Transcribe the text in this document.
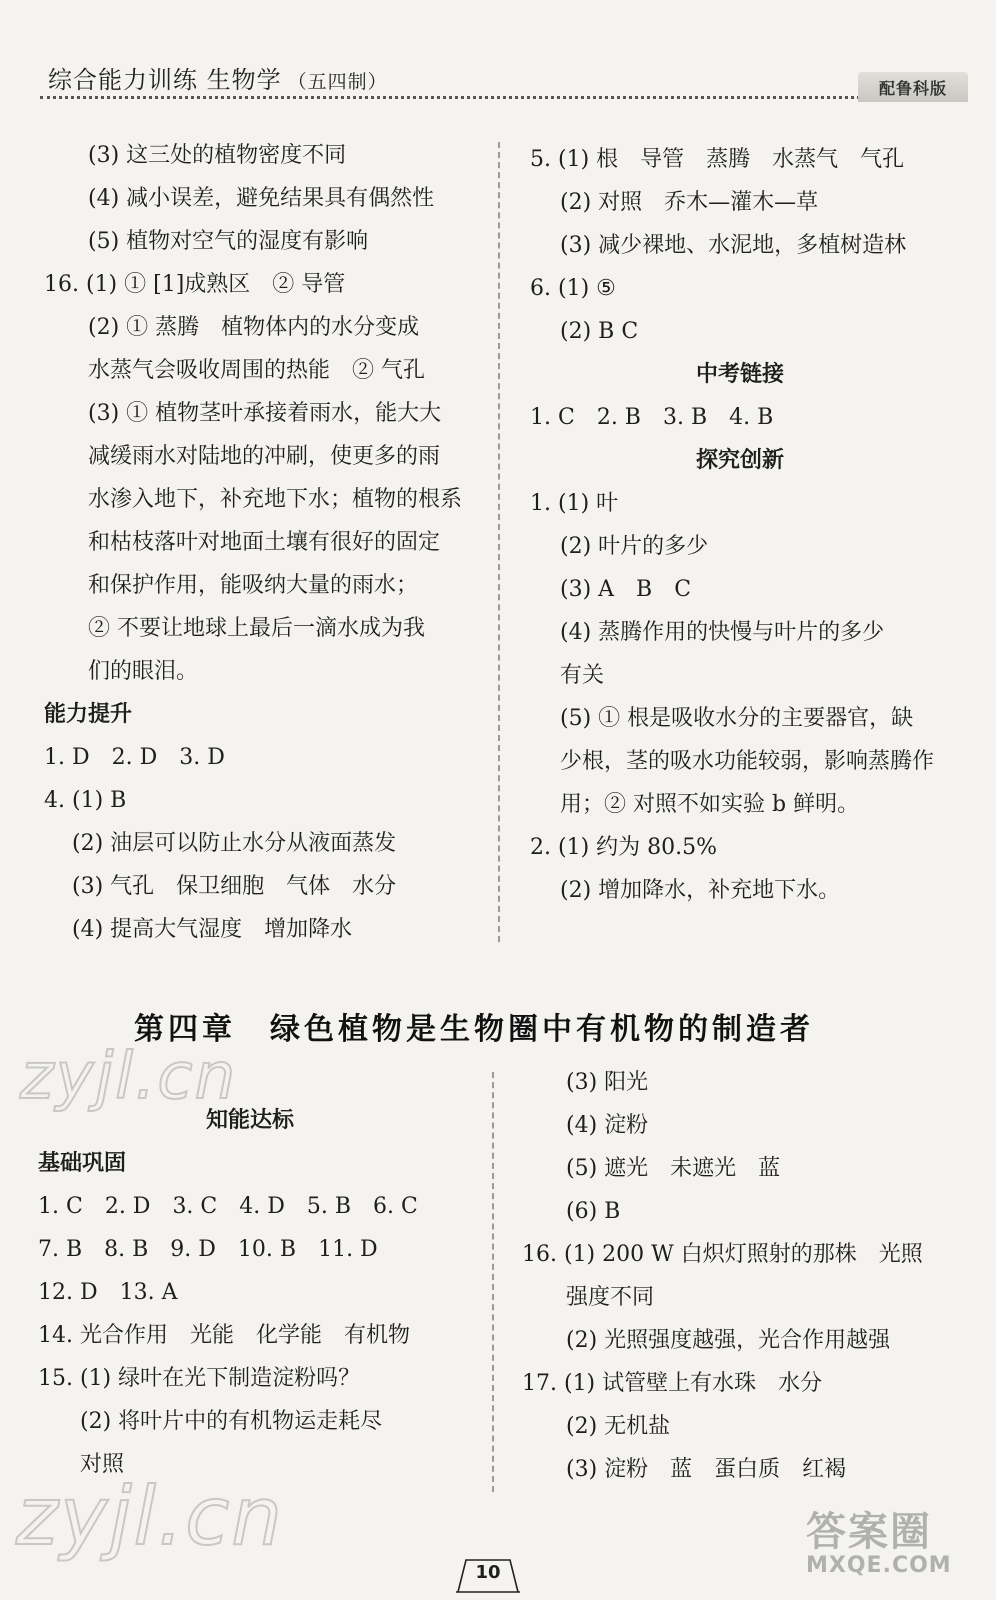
综合能力训练 生物学 （五四制）	配鲁科版
(3) 这三处的植物密度不同
(4) 减小误差，避免结果具有偶然性
(5) 植物对空气的湿度有影响
16. (1) ① [1]成熟区　② 导管
(2) ① 蒸腾　植物体内的水分变成
水蒸气会吸收周围的热能　② 气孔
(3) ① 植物茎叶承接着雨水，能大大
减缓雨水对陆地的冲刷，使更多的雨
水渗入地下，补充地下水；植物的根系
和枯枝落叶对地面土壤有很好的固定
和保护作用，能吸纳大量的雨水；
② 不要让地球上最后一滴水成为我
们的眼泪。
能力提升
1. D　2. D　3. D
4. (1) B
(2) 油层可以防止水分从液面蒸发
(3) 气孔　保卫细胞　气体　水分
(4) 提高大气湿度　增加降水
5. (1) 根　导管　蒸腾　水蒸气　气孔
(2) 对照　乔木—灌木—草
(3) 减少裸地、水泥地，多植树造林
6. (1) ⑤
(2) B C
中考链接
1. C　2. B　3. B　4. B
探究创新
1. (1) 叶
(2) 叶片的多少
(3) A　B　C
(4) 蒸腾作用的快慢与叶片的多少
有关
(5) ① 根是吸收水分的主要器官，缺
少根，茎的吸水功能较弱，影响蒸腾作
用；② 对照不如实验 b 鲜明。
2. (1) 约为 80.5%
(2) 增加降水，补充地下水。
第四章　绿色植物是生物圈中有机物的制造者
zyjl.cn
zyjl.cn
知能达标
基础巩固
1. C　2. D　3. C　4. D　5. B　6. C
7. B　8. B　9. D　10. B　11. D
12. D　13. A
14. 光合作用　光能　化学能　有机物
15. (1) 绿叶在光下制造淀粉吗？
(2) 将叶片中的有机物运走耗尽
对照
(3) 阳光
(4) 淀粉
(5) 遮光　未遮光　蓝
(6) B
16. (1) 200 W 白炽灯照射的那株　光照
强度不同
(2) 光照强度越强，光合作用越强
17. (1) 试管壁上有水珠　水分
(2) 无机盐
(3) 淀粉　蓝　蛋白质　红褐
答案圈
MXQE.COM
10
